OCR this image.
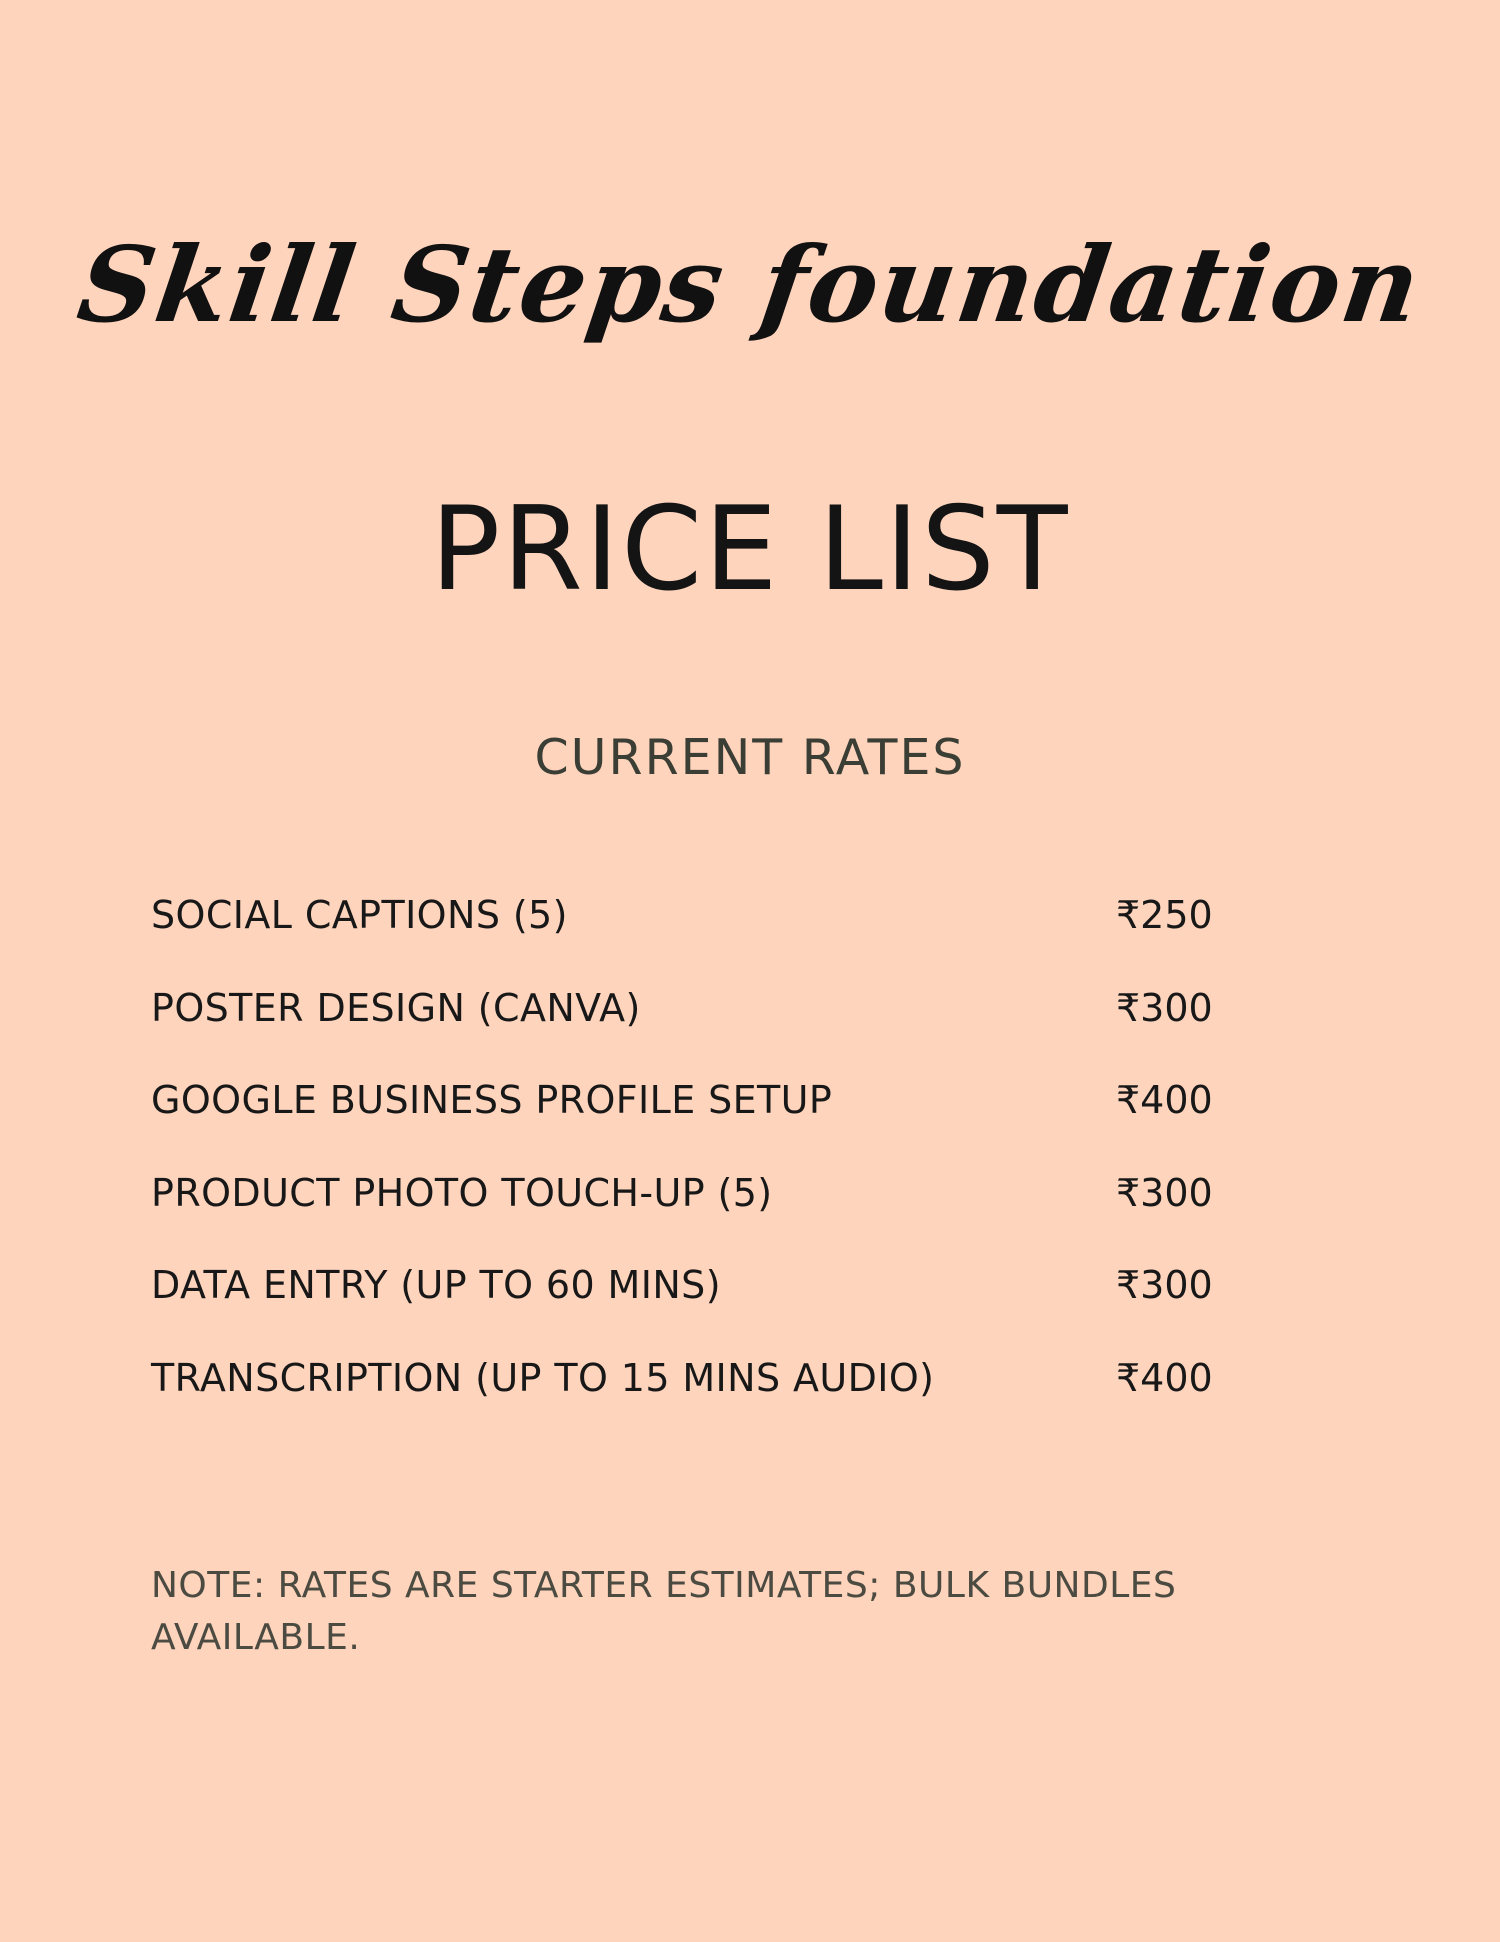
Skill Steps foundation
PRICE LIST
CURRENT RATES
SOCIAL CAPTIONS (5)	₹250
POSTER DESIGN (CANVA)	₹300
GOOGLE BUSINESS PROFILE SETUP	₹400
PRODUCT PHOTO TOUCH-UP (5)	₹300
DATA ENTRY (UP TO 60 MINS)	₹300
TRANSCRIPTION (UP TO 15 MINS AUDIO)	₹400

NOTE: RATES ARE STARTER ESTIMATES; BULK BUNDLES AVAILABLE.
